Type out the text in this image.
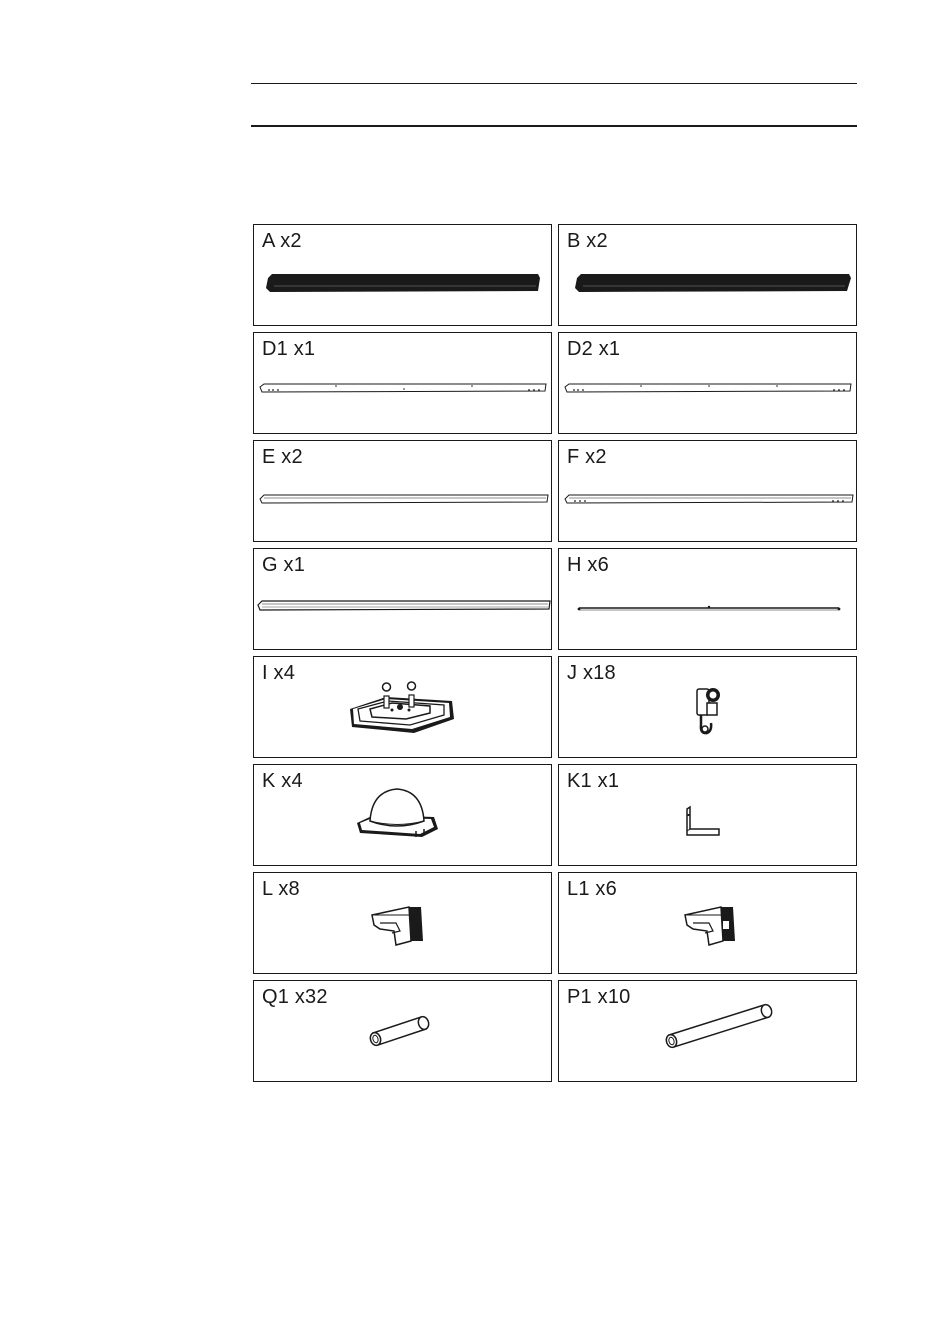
A x2	B x2
D1 x1	D2 x1
E x2	F x2
G x1	H x6
I x4	J x18
K x4	K1 x1
L x8	L1 x6
Q1 x32	P1 x10
